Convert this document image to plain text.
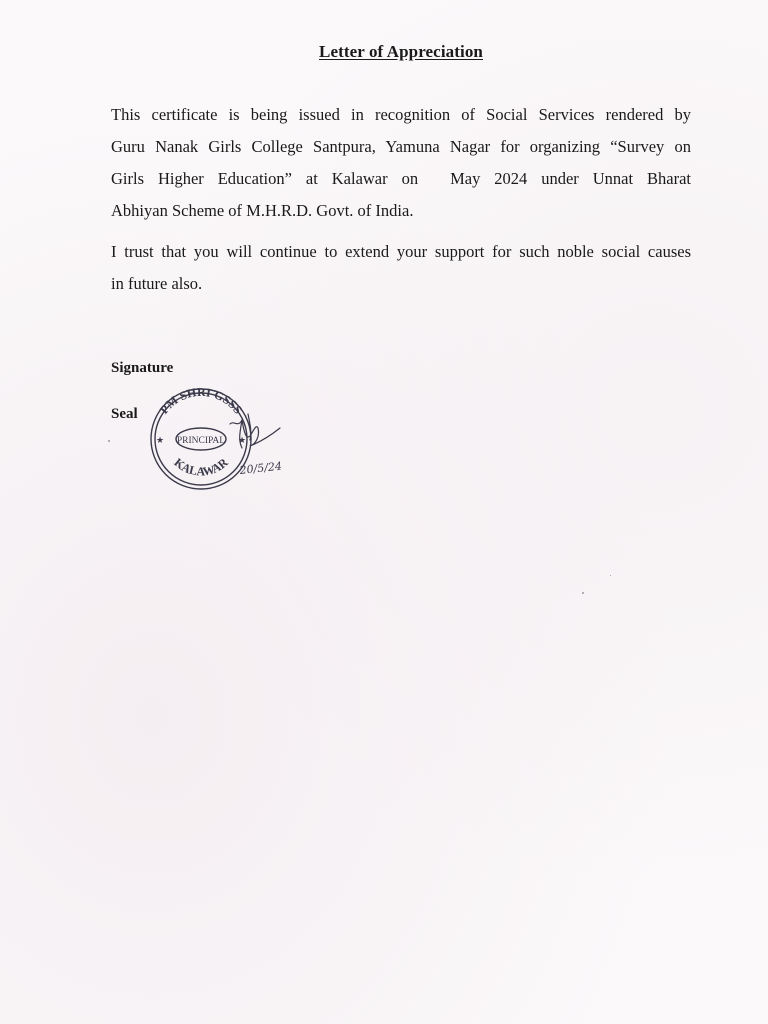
Letter of Appreciation
This certificate is being issued in recognition of Social Services rendered by
Guru Nanak Girls College Santpura, Yamuna Nagar for organizing “Survey on
Girls Higher Education” at Kalawar on May 2024 under Unnat Bharat
Abhiyan Scheme of M.H.R.D. Govt. of India.
I trust that you will continue to extend your support for such noble social causes
in future also.
Signature
Seal PM SHRI GSSS
KALAWAR
PRINCIPAL
★	★
20/5/24
